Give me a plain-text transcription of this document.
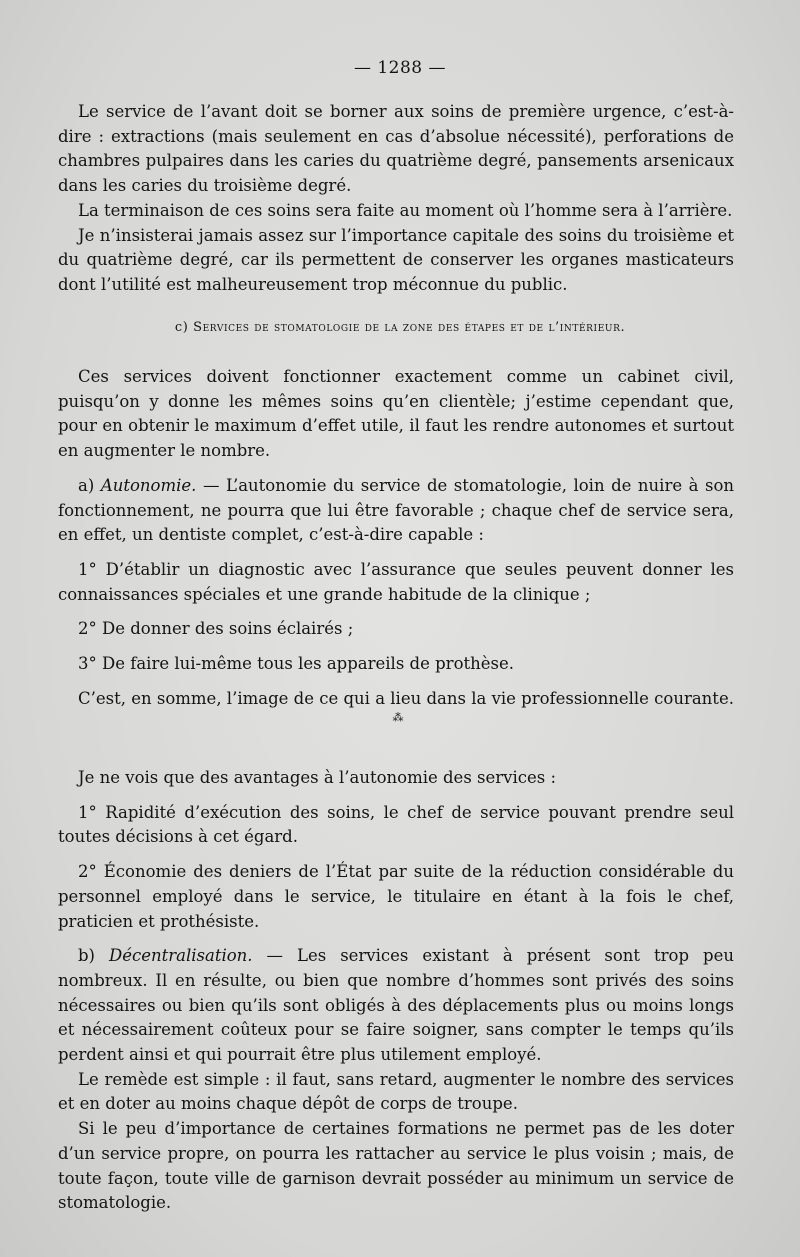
— 1288 —

Le service de l’avant doit se borner aux soins de première urgence, c’est-à-dire : extractions (mais seulement en cas d’absolue nécessité), perforations de chambres pulpaires dans les caries du quatrième degré, pansements arsenicaux dans les caries du troisième degré.

La terminaison de ces soins sera faite au moment où l’homme sera à l’arrière.

Je n’insisterai jamais assez sur l’importance capitale des soins du troisième et du quatrième degré, car ils permettent de conserver les organes masticateurs dont l’utilité est malheureusement trop méconnue du public.

c) Services de stomatologie de la zone des étapes et de l’intérieur.

Ces services doivent fonctionner exactement comme un cabinet civil, puisqu’on y donne les mêmes soins qu’en clientèle; j’estime cependant que, pour en obtenir le maximum d’effet utile, il faut les rendre autonomes et surtout en augmenter le nombre.

a) Autonomie. — L’autonomie du service de stomatologie, loin de nuire à son fonctionnement, ne pourra que lui être favorable ; chaque chef de service sera, en effet, un dentiste complet, c’est-à-dire capable :

1° D’établir un diagnostic avec l’assurance que seules peuvent donner les connaissances spéciales et une grande habitude de la clinique ;

2° De donner des soins éclairés ;

3° De faire lui-même tous les appareils de prothèse.

C’est, en somme, l’image de ce qui a lieu dans la vie professionnelle courante.

⁂

Je ne vois que des avantages à l’autonomie des services :

1° Rapidité d’exécution des soins, le chef de service pouvant prendre seul toutes décisions à cet égard.

2° Économie des deniers de l’État par suite de la réduction considérable du personnel employé dans le service, le titulaire en étant à la fois le chef, praticien et prothésiste.

b) Décentralisation. — Les services existant à présent sont trop peu nombreux. Il en résulte, ou bien que nombre d’hommes sont privés des soins nécessaires ou bien qu’ils sont obligés à des déplacements plus ou moins longs et nécessairement coûteux pour se faire soigner, sans compter le temps qu’ils perdent ainsi et qui pourrait être plus utilement employé.

Le remède est simple : il faut, sans retard, augmenter le nombre des services et en doter au moins chaque dépôt de corps de troupe.

Si le peu d’importance de certaines formations ne permet pas de les doter d’un service propre, on pourra les rattacher au service le plus voisin ; mais, de toute façon, toute ville de garnison devrait posséder au minimum un service de stomatologie.
